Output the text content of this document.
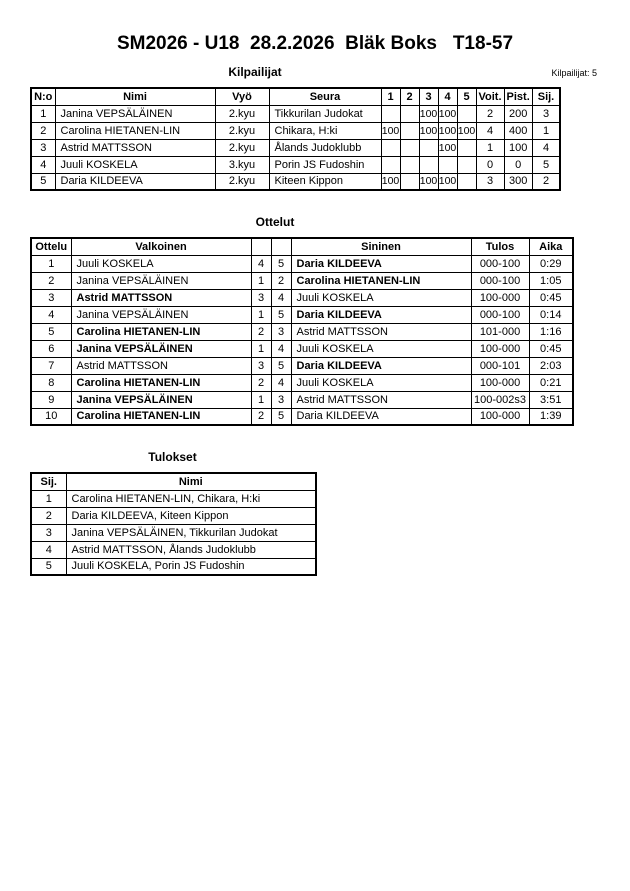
SM2026 - U18  28.2.2026  Bläk Boks   T18-57
Kilpailijat	Kilpailijat: 5
N:o	Nimi	Vyö	Seura	1	2	3	4	5	Voit.	Pist.	Sij.
1	Janina VEPSÄLÄINEN	2.kyu	Tikkurilan Judokat			100	100		2	200	3
2	Carolina HIETANEN-LIN	2.kyu	Chikara, H:ki	100		100	100	100	4	400	1
3	Astrid MATTSSON	2.kyu	Ålands Judoklubb				100		1	100	4
4	Juuli KOSKELA	3.kyu	Porin JS Fudoshin						0	0	5
5	Daria KILDEEVA	2.kyu	Kiteen Kippon	100		100	100		3	300	2
Ottelut
Ottelu	Valkoinen			Sininen	Tulos	Aika
1	Juuli KOSKELA	4	5	Daria KILDEEVA	000-100	0:29
2	Janina VEPSÄLÄINEN	1	2	Carolina HIETANEN-LIN	000-100	1:05
3	Astrid MATTSSON	3	4	Juuli KOSKELA	100-000	0:45
4	Janina VEPSÄLÄINEN	1	5	Daria KILDEEVA	000-100	0:14
5	Carolina HIETANEN-LIN	2	3	Astrid MATTSSON	101-000	1:16
6	Janina VEPSÄLÄINEN	1	4	Juuli KOSKELA	100-000	0:45
7	Astrid MATTSSON	3	5	Daria KILDEEVA	000-101	2:03
8	Carolina HIETANEN-LIN	2	4	Juuli KOSKELA	100-000	0:21
9	Janina VEPSÄLÄINEN	1	3	Astrid MATTSSON	100-002s3	3:51
10	Carolina HIETANEN-LIN	2	5	Daria KILDEEVA	100-000	1:39
Tulokset
Sij.	Nimi
1	Carolina HIETANEN-LIN, Chikara, H:ki
2	Daria KILDEEVA, Kiteen Kippon
3	Janina VEPSÄLÄINEN, Tikkurilan Judokat
4	Astrid MATTSSON, Ålands Judoklubb
5	Juuli KOSKELA, Porin JS Fudoshin
